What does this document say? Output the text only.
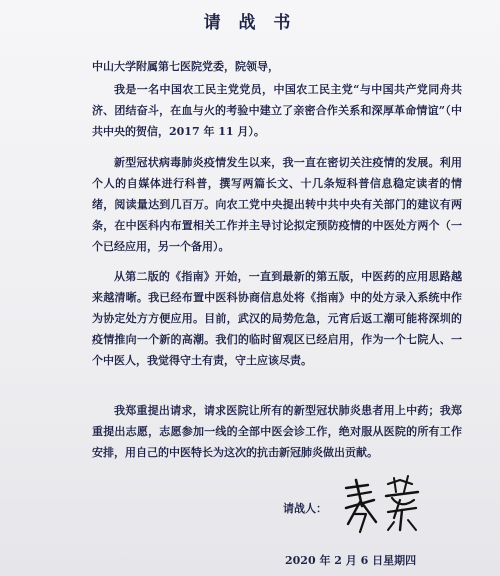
请 战 书
中山大学附属第七医院党委，院领导，
我是一名中国农工民主党党员，中国农工民主党“与中国共产党同舟共济、团结奋斗，在血与火的考验中建立了亲密合作关系和深厚革命情谊”（中共中央的贺信，2017 年 11 月）。
新型冠状病毒肺炎疫情发生以来，我一直在密切关注疫情的发展。利用个人的自媒体进行科普，撰写两篇长文、十几条短科普信息稳定读者的情绪，阅读量达到几百万。向农工党中央提出转中共中央有关部门的建议有两条，在中医科内布置相关工作并主导讨论拟定预防疫情的中医处方两个（一个已经应用，另一个备用）。
从第二版的《指南》开始，一直到最新的第五版，中医药的应用思路越来越清晰。我已经布置中医科协商信息处将《指南》中的处方录入系统中作为协定处方方便应用。目前，武汉的局势危急，元宵后返工潮可能将深圳的疫情推向一个新的高潮。我们的临时留观区已经启用，作为一个七院人、一个中医人，我觉得守土有责，守土应该尽责。
我郑重提出请求，请求医院让所有的新型冠状肺炎患者用上中药；我郑重提出志愿，志愿参加一线的全部中医会诊工作，绝对服从医院的所有工作安排，用自己的中医特长为这次的抗击新冠肺炎做出贡献。
请战人：
2020 年 2 月 6 日星期四
